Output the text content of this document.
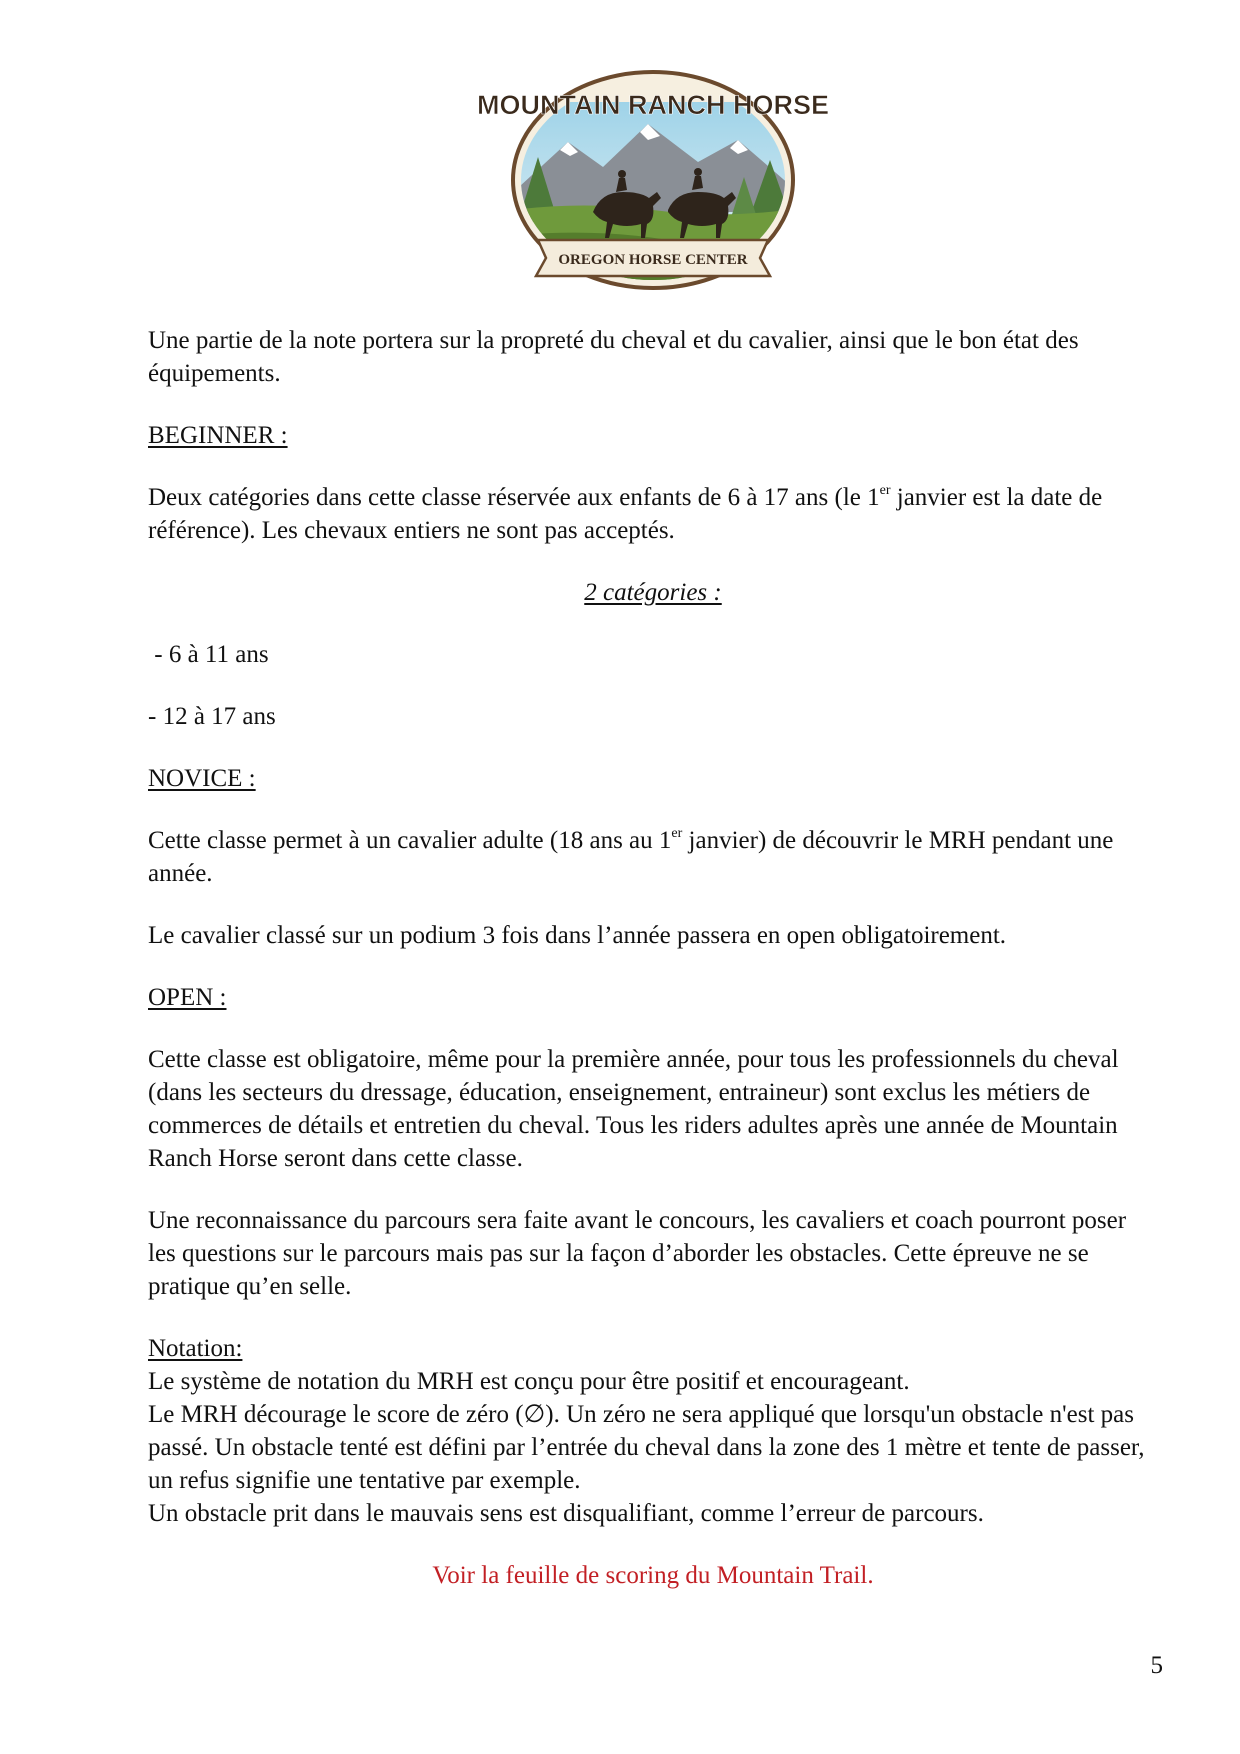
MOUNTAIN RANCH HORSE
OREGON HORSE CENTER

Une partie de la note portera sur la propreté du cheval et du cavalier, ainsi que le bon état des équipements.

BEGINNER :

Deux catégories dans cette classe réservée aux enfants de 6 à 17 ans (le 1er janvier est la date de référence). Les chevaux entiers ne sont pas acceptés.

2 catégories :

- 6 à 11 ans

- 12 à 17 ans

NOVICE :

Cette classe permet à un cavalier adulte (18 ans au 1er janvier) de découvrir le MRH pendant une année.

Le cavalier classé sur un podium 3 fois dans l’année passera en open obligatoirement.

OPEN :

Cette classe est obligatoire, même pour la première année, pour tous les professionnels du cheval (dans les secteurs du dressage, éducation, enseignement, entraineur) sont exclus les métiers de commerces de détails et entretien du cheval. Tous les riders adultes après une année de Mountain Ranch Horse seront dans cette classe.

Une reconnaissance du parcours sera faite avant le concours, les cavaliers et coach pourront poser les questions sur le parcours mais pas sur la façon d’aborder les obstacles. Cette épreuve ne se pratique qu’en selle.

Notation:

Le système de notation du MRH est conçu pour être positif et encourageant.

Le MRH décourage le score de zéro (∅). Un zéro ne sera appliqué que lorsqu'un obstacle n'est pas passé. Un obstacle tenté est défini par l’entrée du cheval dans la zone des 1 mètre et tente de passer, un refus signifie une tentative par exemple.

Un obstacle prit dans le mauvais sens est disqualifiant, comme l’erreur de parcours.

Voir la feuille de scoring du Mountain Trail.

5
